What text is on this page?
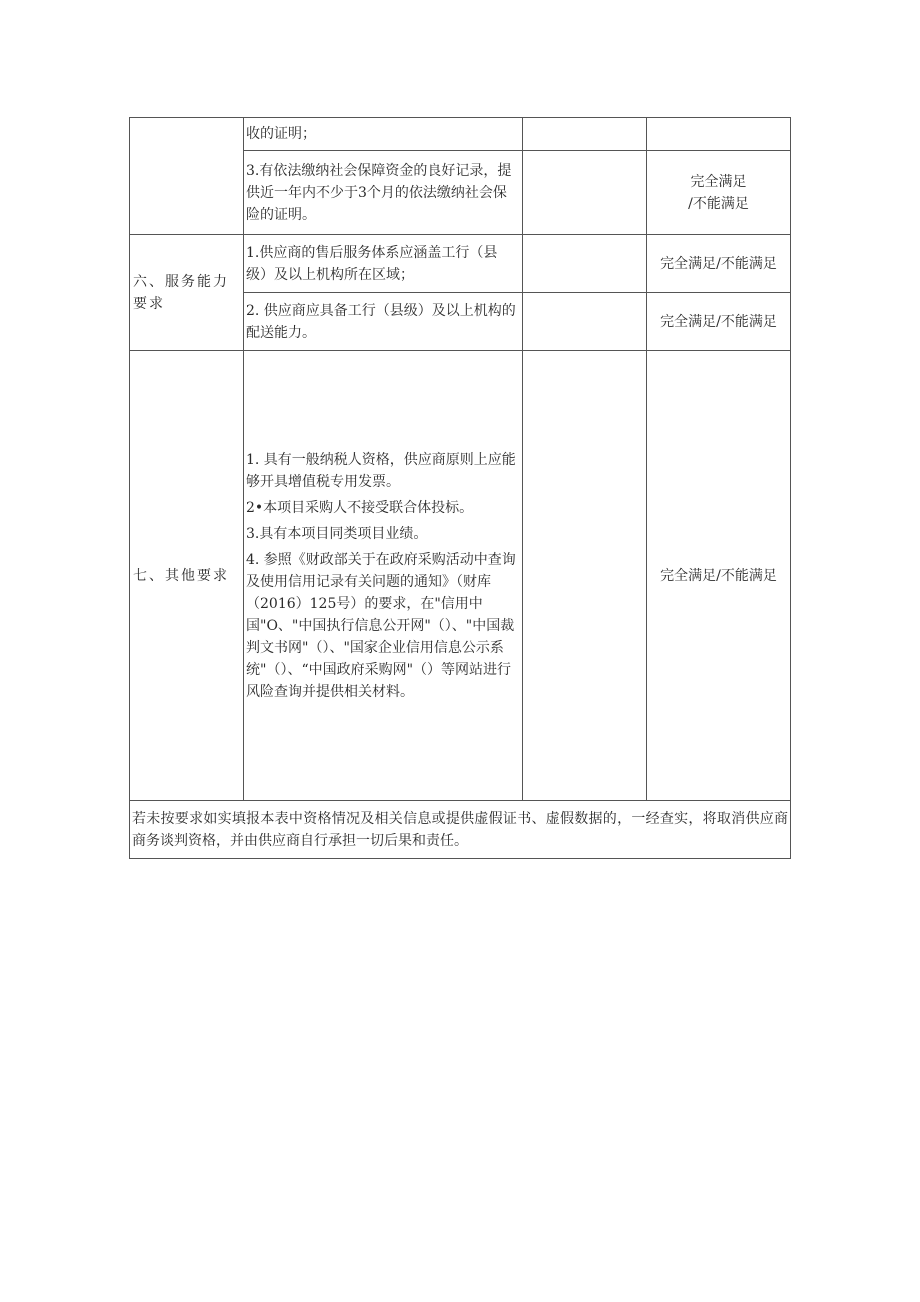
	收的证明；		
	3.有依法缴纳社会保障资金的良好记录，提供近一年内不少于3个月的依法缴纳社会保险的证明。		完全满足
/不能满足

六、服务能力要求	1.供应商的售后服务体系应涵盖工行（县级）及以上机构所在区域；		完全满足/不能满足
	2. 供应商应具备工行（县级）及以上机构的配送能力。		完全满足/不能满足
七、其他要求	1. 具有一般纳税人资格，供应商原则上应能够开具增值税专用发票。

2•本项目采购人不接受联合体投标。

3.具有本项目同类项目业绩。

4. 参照《财政部关于在政府采购活动中查询及使用信用记录有关问题的通知》（财库（2016）125号）的要求，在"信用中国"O、"中国执行信息公开网"（）、"中国裁判文书网"（）、"国家企业信用信息公示系统"（）、“中国政府采购网"（）等网站进行风险查询并提供相关材料。		完全满足/不能满足
若未按要求如实填报本表中资格情况及相关信息或提供虚假证书、虚假数据的，一经查实，将取消供应商商务谈判资格，并由供应商自行承担一切后果和责任。			
